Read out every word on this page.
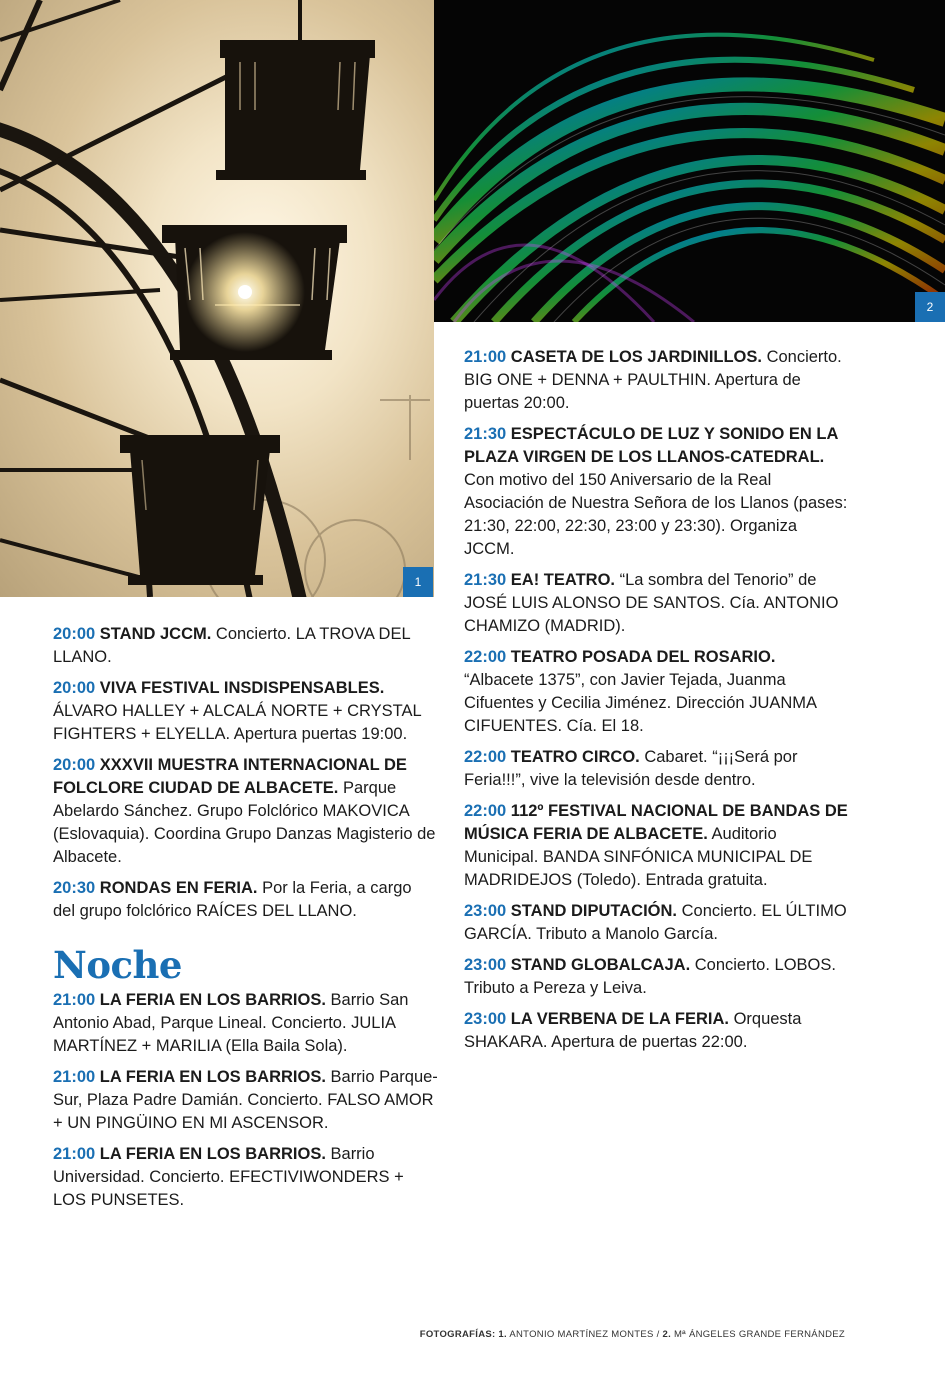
1
2
20:00 STAND JCCM. Concierto. LA TROVA DEL LLANO.
20:00 VIVA FESTIVAL INSDISPENSABLES. ÁLVARO HALLEY + ALCALÁ NORTE + CRYSTAL FIGHTERS + ELYELLA. Apertura puertas 19:00.
20:00 XXXVII MUESTRA INTERNACIONAL DE FOLCLORE CIUDAD DE ALBACETE. Parque Abelardo Sánchez. Grupo Folclórico MAKOVICA (Eslovaquia). Coordina Grupo Danzas Magisterio de Albacete.
20:30 RONDAS EN FERIA. Por la Feria, a cargo del grupo folclórico RAÍCES DEL LLANO.
Noche
21:00 LA FERIA EN LOS BARRIOS. Barrio San Antonio Abad, Parque Lineal. Concierto. JULIA MARTÍNEZ + MARILIA (Ella Baila Sola).
21:00 LA FERIA EN LOS BARRIOS. Barrio Parque-Sur, Plaza Padre Damián. Concierto. FALSO AMOR + UN PINGÜINO EN MI ASCENSOR.
21:00 LA FERIA EN LOS BARRIOS. Barrio Universidad. Concierto. EFECTIVIWONDERS + LOS PUNSETES.
21:00 CASETA DE LOS JARDINILLOS. Concierto. BIG ONE + DENNA + PAULTHIN. Apertura de puertas 20:00.
21:30 ESPECTÁCULO DE LUZ Y SONIDO EN LA PLAZA VIRGEN DE LOS LLANOS-CATEDRAL. Con motivo del 150 Aniversario de la Real Asociación de Nuestra Señora de los Llanos (pases: 21:30, 22:00, 22:30, 23:00 y 23:30). Organiza JCCM.
21:30 EA! TEATRO. “La sombra del Tenorio” de JOSÉ LUIS ALONSO DE SANTOS. Cía. ANTONIO CHAMIZO (MADRID).
22:00 TEATRO POSADA DEL ROSARIO. “Albacete 1375”, con Javier Tejada, Juanma Cifuentes y Cecilia Jiménez. Dirección JUANMA CIFUENTES. Cía. El 18.
22:00 TEATRO CIRCO. Cabaret. “¡¡¡Será por Feria!!!”, vive la televisión desde dentro.
22:00 112º FESTIVAL NACIONAL DE BANDAS DE MÚSICA FERIA DE ALBACETE. Auditorio Municipal. BANDA SINFÓNICA MUNICIPAL DE MADRIDEJOS (Toledo). Entrada gratuita.
23:00 STAND DIPUTACIÓN. Concierto. EL ÚLTIMO GARCÍA. Tributo a Manolo García.
23:00 STAND GLOBALCAJA. Concierto. LOBOS. Tributo a Pereza y Leiva.
23:00 LA VERBENA DE LA FERIA. Orquesta SHAKARA. Apertura de puertas 22:00.
FOTOGRAFÍAS: 1. ANTONIO MARTÍNEZ MONTES / 2. Mª ÁNGELES GRANDE FERNÁNDEZ
